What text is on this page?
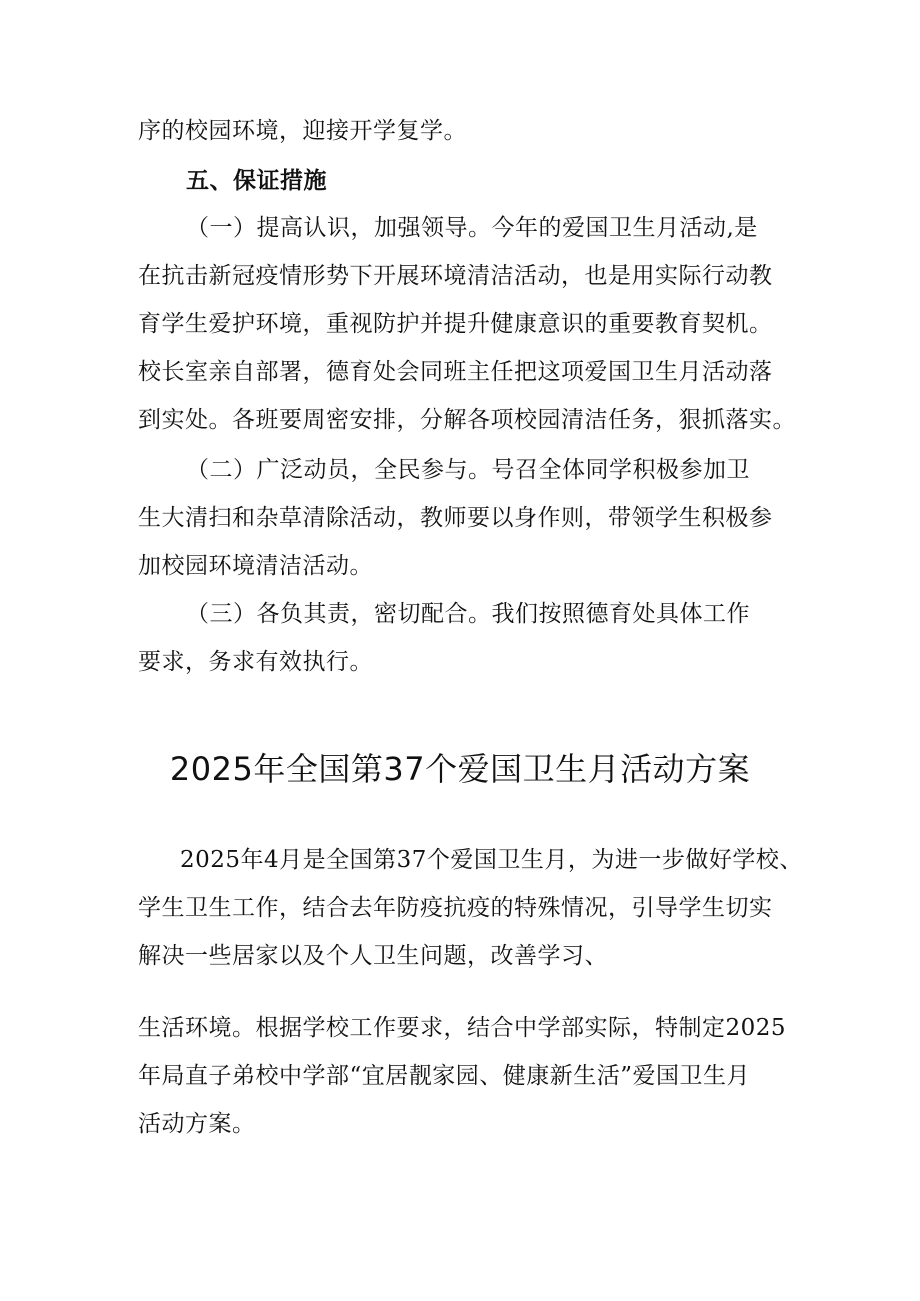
序的校园环境，迎接开学复学。
五、保证措施
（一）提高认识，加强领导。今年的爱国卫生月活动,是
在抗击新冠疫情形势下开展环境清洁活动，也是用实际行动教
育学生爱护环境，重视防护并提升健康意识的重要教育契机。
校长室亲自部署，德育处会同班主任把这项爱国卫生月活动落
到实处。各班要周密安排，分解各项校园清洁任务，狠抓落实。
（二）广泛动员，全民参与。号召全体同学积极参加卫
生大清扫和杂草清除活动，教师要以身作则，带领学生积极参
加校园环境清洁活动。
（三）各负其责，密切配合。我们按照德育处具体工作
要求，务求有效执行。
2025年全国第37个爱国卫生月活动方案
2025年4月是全国第37个爱国卫生月，为进一步做好学校、
学生卫生工作，结合去年防疫抗疫的特殊情况，引导学生切实
解决一些居家以及个人卫生问题，改善学习、
生活环境。根据学校工作要求，结合中学部实际，特制定2025
年局直子弟校中学部“宜居靓家园、健康新生活”爱国卫生月
活动方案。
